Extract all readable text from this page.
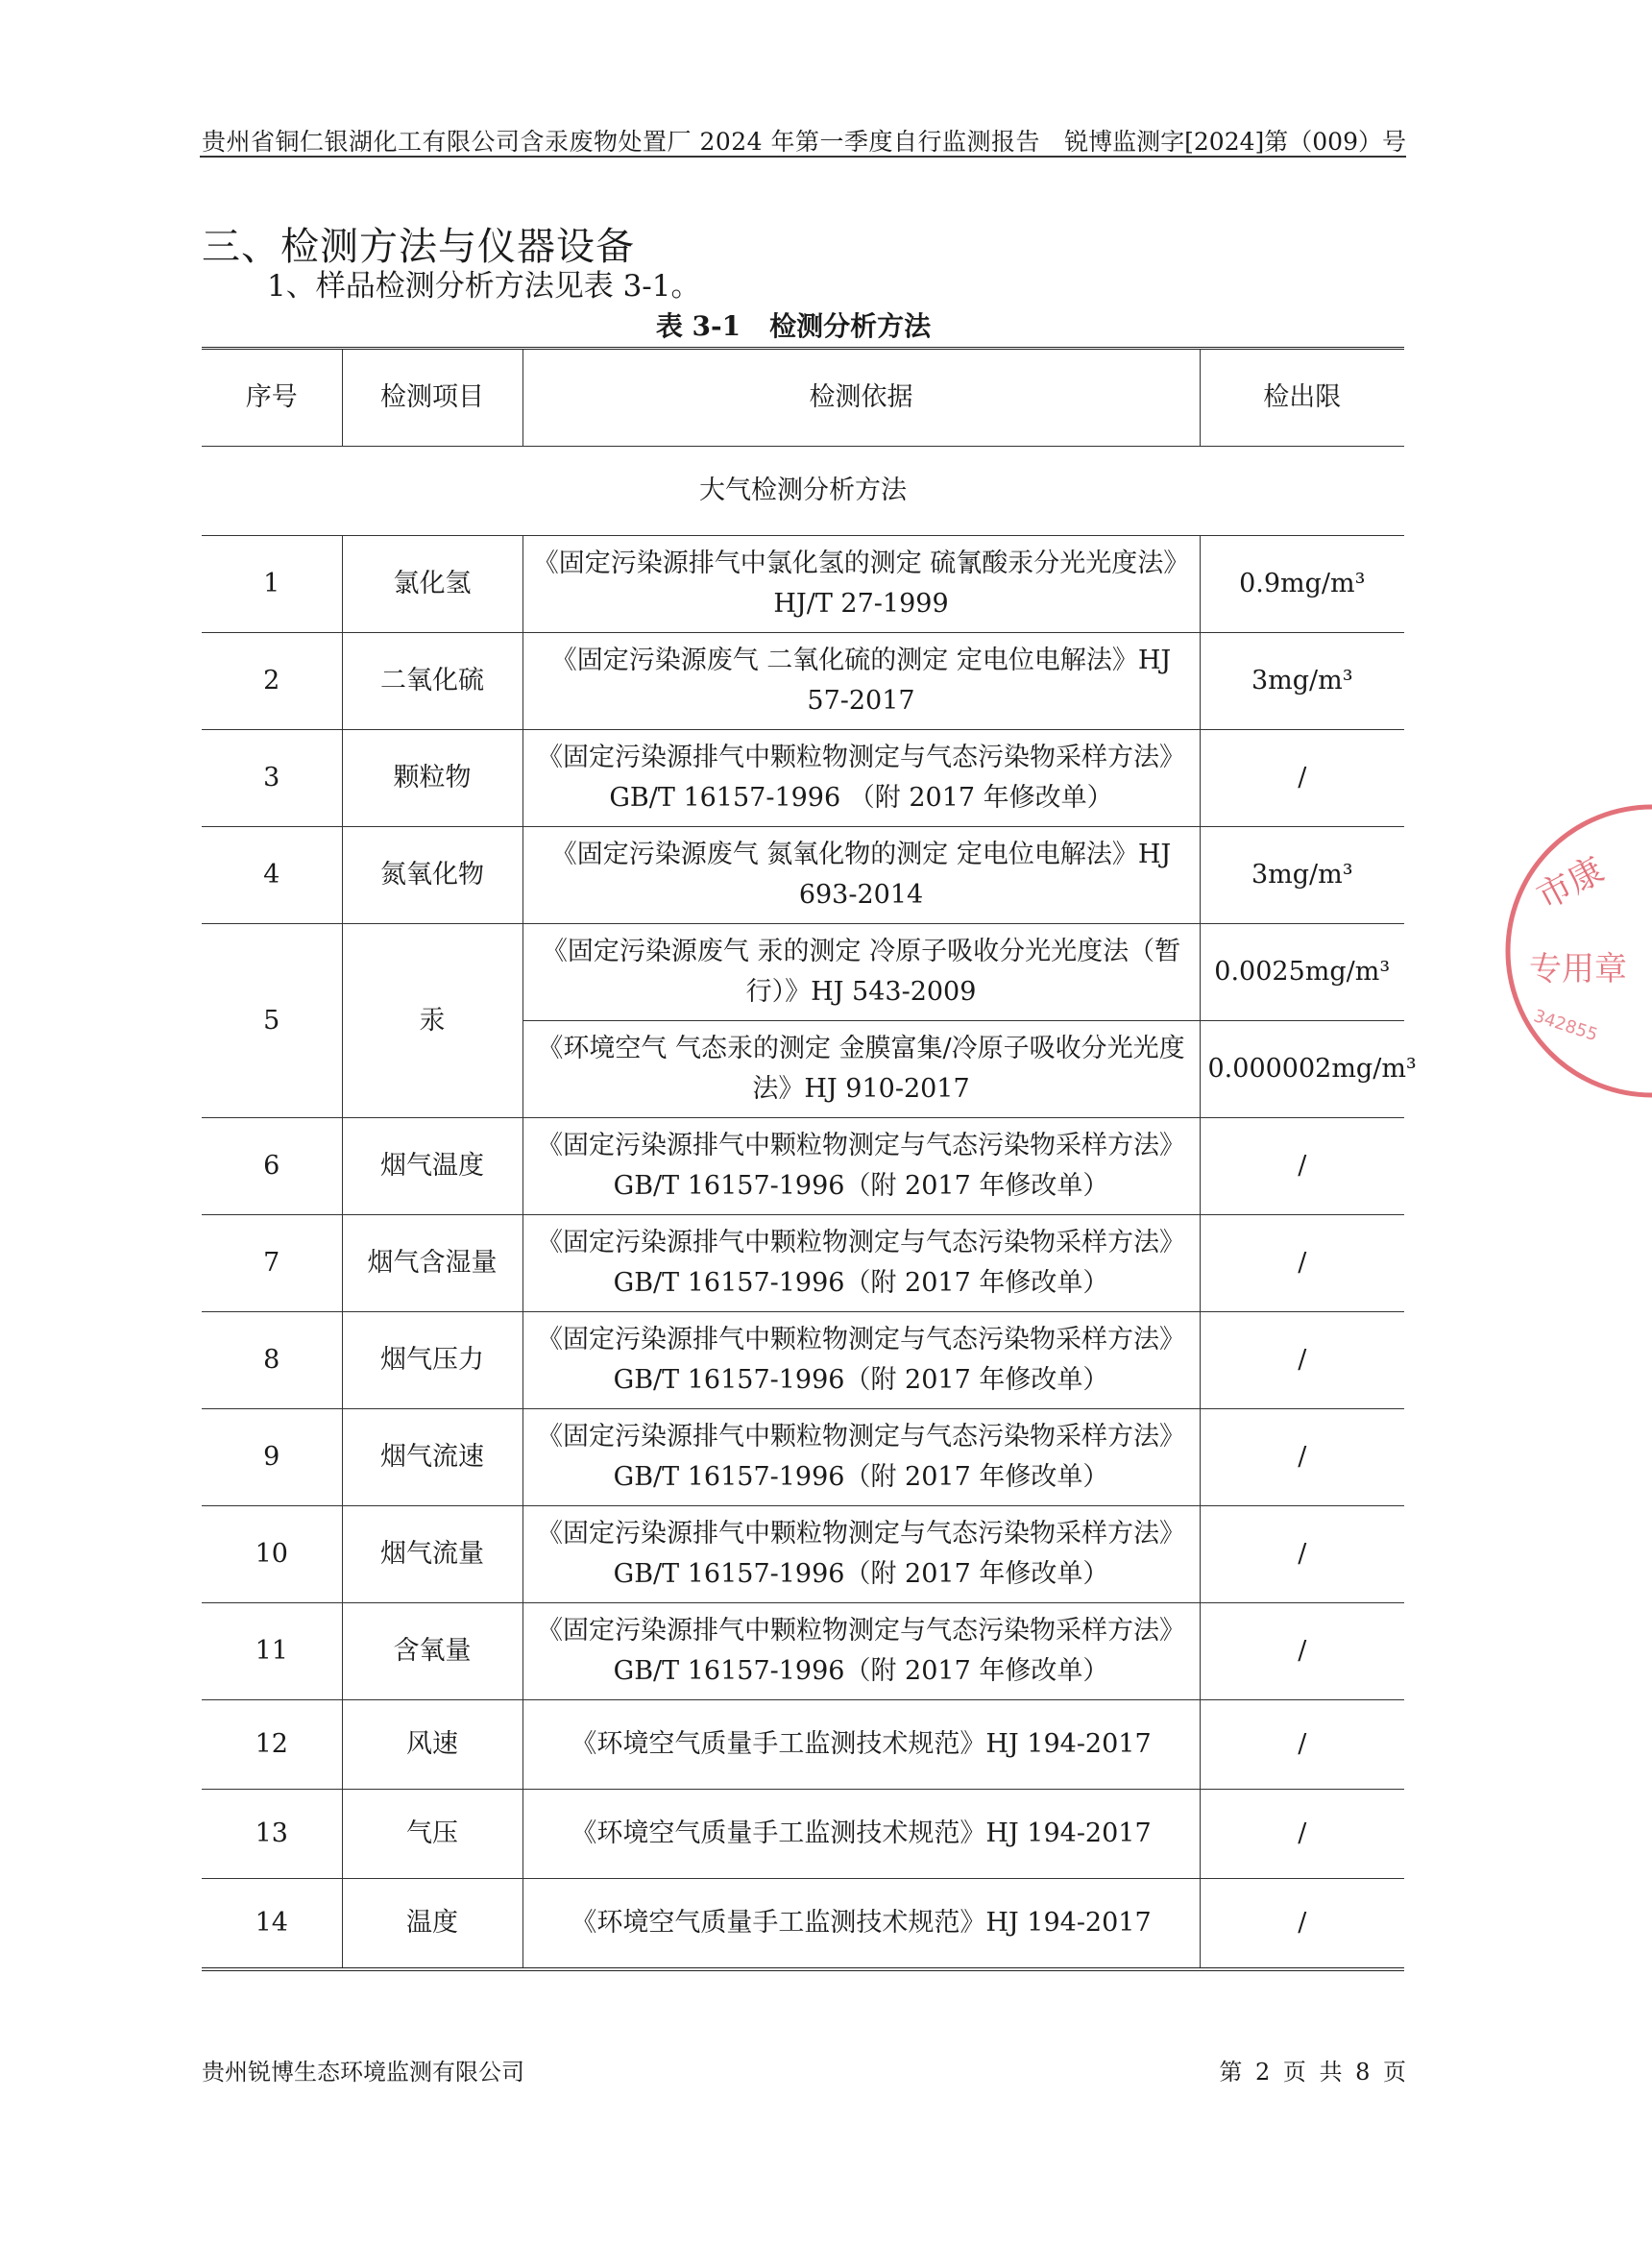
贵州省铜仁银湖化工有限公司含汞废物处置厂 2024 年第一季度自行监测报告 锐博监测字[2024]第（009）号
三、检测方法与仪器设备
1、样品检测分析方法见表 3-1。
表 3-1 检测分析方法
序号	检测项目	检测依据	检出限
大气检测分析方法			
1	氯化氢	《固定污染源排气中氯化氢的测定 硫氰酸汞分光光度法》HJ/T 27-1999	0.9mg/m³
2	二氧化硫	《固定污染源废气 二氧化硫的测定 定电位电解法》HJ 57-2017	3mg/m³
3	颗粒物	《固定污染源排气中颗粒物测定与气态污染物采样方法》GB/T 16157-1996 （附 2017 年修改单）	/
4	氮氧化物	《固定污染源废气 氮氧化物的测定 定电位电解法》HJ 693-2014	3mg/m³
5	汞	《固定污染源废气 汞的测定 冷原子吸收分光光度法（暂行）》HJ 543-2009	0.0025mg/m³
		《环境空气 气态汞的测定 金膜富集/冷原子吸收分光光度法》HJ 910-2017	0.000002mg/m³
6	烟气温度	《固定污染源排气中颗粒物测定与气态污染物采样方法》GB/T 16157-1996（附 2017 年修改单）	/
7	烟气含湿量	《固定污染源排气中颗粒物测定与气态污染物采样方法》GB/T 16157-1996（附 2017 年修改单）	/
8	烟气压力	《固定污染源排气中颗粒物测定与气态污染物采样方法》GB/T 16157-1996（附 2017 年修改单）	/
9	烟气流速	《固定污染源排气中颗粒物测定与气态污染物采样方法》GB/T 16157-1996（附 2017 年修改单）	/
10	烟气流量	《固定污染源排气中颗粒物测定与气态污染物采样方法》GB/T 16157-1996（附 2017 年修改单）	/
11	含氧量	《固定污染源排气中颗粒物测定与气态污染物采样方法》GB/T 16157-1996（附 2017 年修改单）	/
12	风速	《环境空气质量手工监测技术规范》HJ 194-2017	/
13	气压	《环境空气质量手工监测技术规范》HJ 194-2017	/
14	温度	《环境空气质量手工监测技术规范》HJ 194-2017	/
市康
专用章
342855
贵州锐博生态环境监测有限公司	第 2 页 共 8 页
